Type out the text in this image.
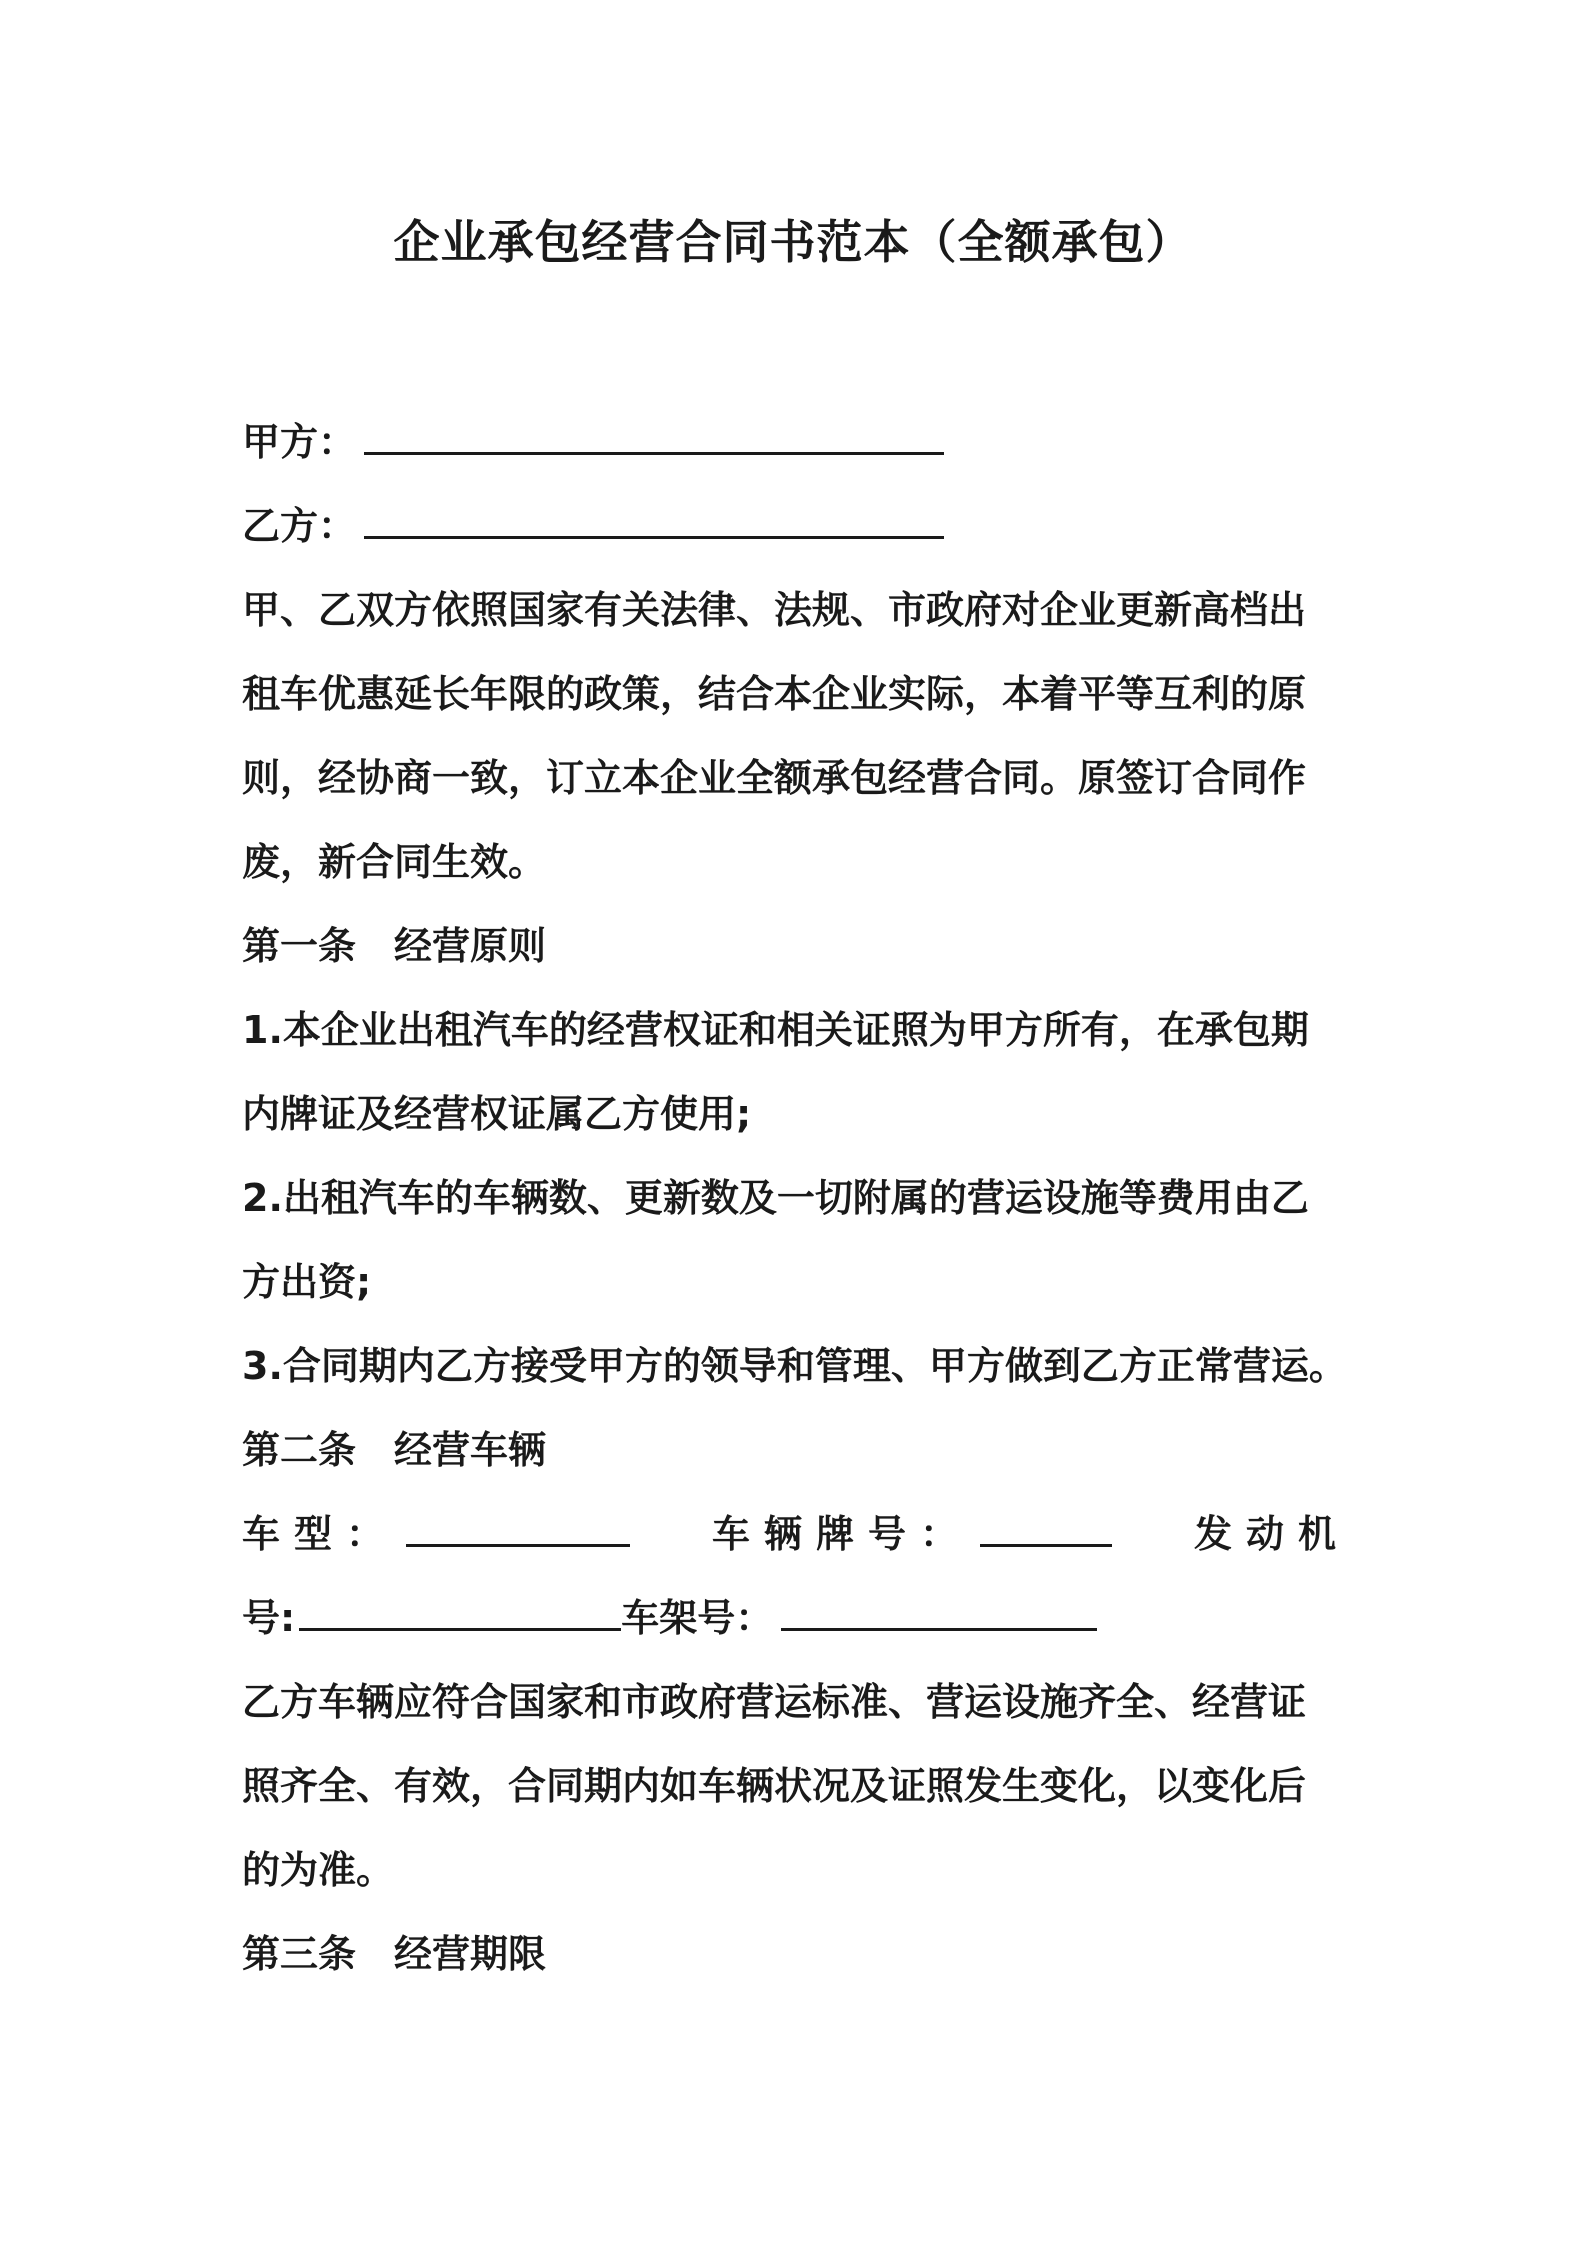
企业承包经营合同书范本（全额承包）
甲方：
乙方：
甲、乙双方依照国家有关法律、法规、市政府对企业更新高档出
租车优惠延长年限的政策，结合本企业实际，本着平等互利的原
则，经协商一致，订立本企业全额承包经营合同。原签订合同作
废，新合同生效。
第一条　经营原则
1.本企业出租汽车的经营权证和相关证照为甲方所有，在承包期
内牌证及经营权证属乙方使用;
2.出租汽车的车辆数、更新数及一切附属的营运设施等费用由乙
方出资;
3.合同期内乙方接受甲方的领导和管理、甲方做到乙方正常营运。
第二条　经营车辆
车型：	车辆牌号：	发动机
号:	车架号：
乙方车辆应符合国家和市政府营运标准、营运设施齐全、经营证
照齐全、有效，合同期内如车辆状况及证照发生变化，以变化后
的为准。
第三条　经营期限
